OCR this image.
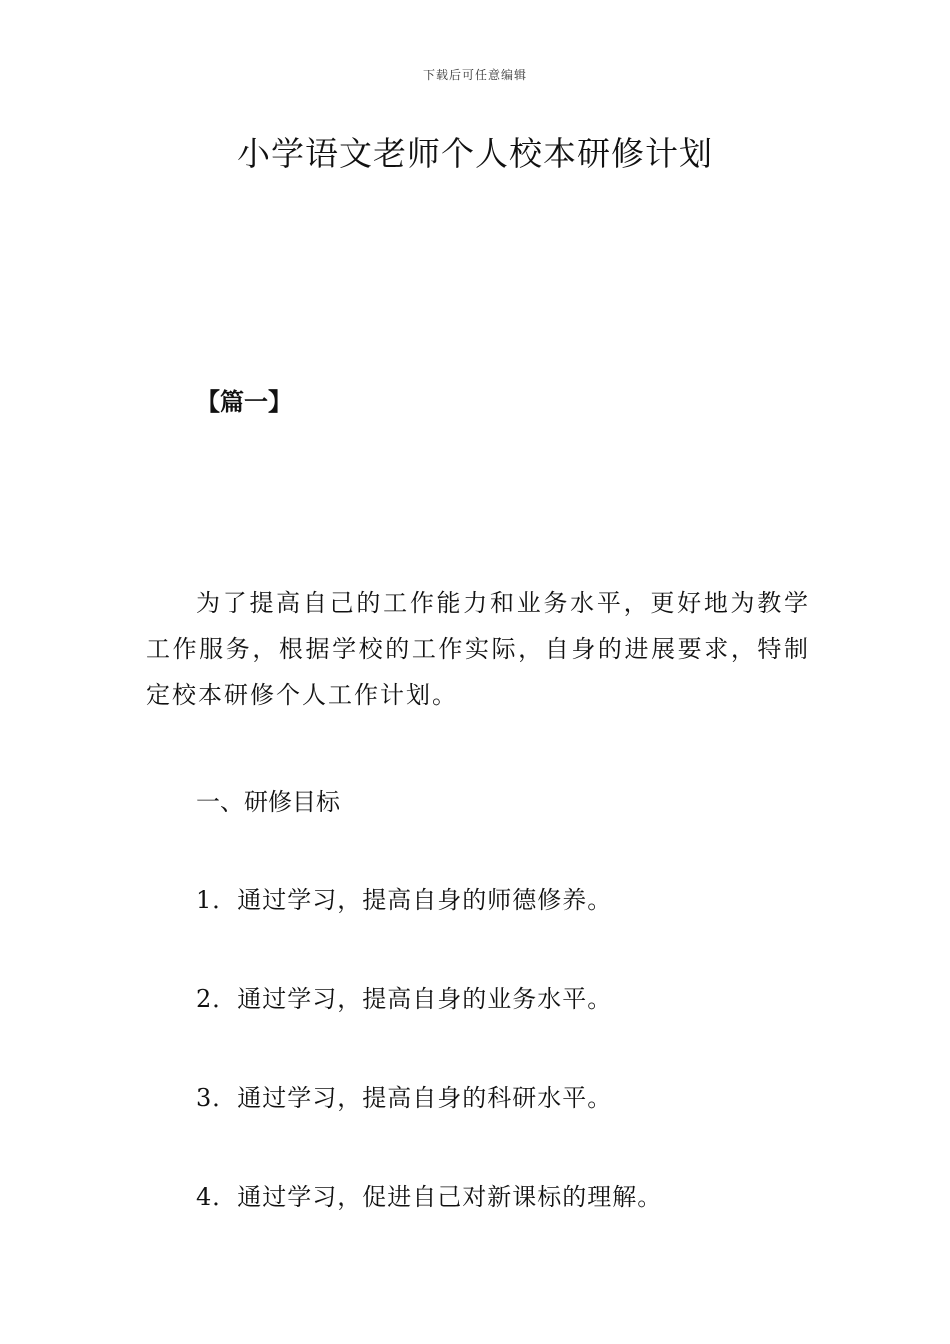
下载后可任意编辑
小学语文老师个人校本研修计划
【篇一】

为了提高自己的工作能力和业务水平，更好地为教学工作服务，根据学校的工作实际，自身的进展要求，特制定校本研修个人工作计划。

一、研修目标
1．通过学习，提高自身的师德修养。
2．通过学习，提高自身的业务水平。
3．通过学习，提高自身的科研水平。
4．通过学习，促进自己对新课标的理解。
